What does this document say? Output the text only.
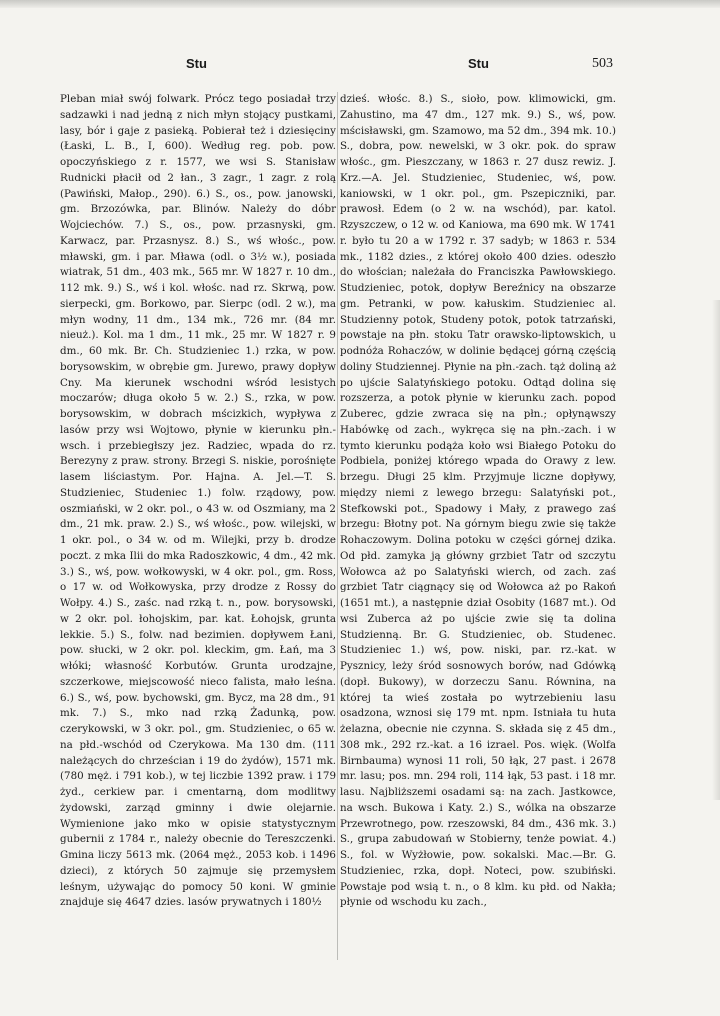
Stu	Stu	503

Pleban miał swój folwark. Prócz tego posiadał trzy sadzawki i nad jedną z nich młyn stojący pustkami, lasy, bór i gaje z pasieką. Pobierał też i dziesięciny (Łaski, L. B., I, 600). Według reg. pob. pow. opoczyńskiego z r. 1577, we wsi S. Stanisław Rudnicki płacił od 2 łan., 3 zagr., 1 zagr. z rolą (Pawiński, Małop., 290). 6.) S., os., pow. janowski, gm. Brzozówka, par. Blinów. Należy do dóbr Wojciechów. 7.) S., os., pow. przasnyski, gm. Karwacz, par. Przasnysz. 8.) S., wś włośc., pow. mławski, gm. i par. Mława (odl. o 3½ w.), posiada wiatrak, 51 dm., 403 mk., 565 mr. W 1827 r. 10 dm., 112 mk. 9.) S., wś i kol. włośc. nad rz. Skrwą, pow. sierpecki, gm. Borkowo, par. Sierpc (odl. 2 w.), ma młyn wodny, 11 dm., 134 mk., 726 mr. (84 mr. nieuż.). Kol. ma 1 dm., 11 mk., 25 mr. W 1827 r. 9 dm., 60 mk. Br. Ch. Studzieniec 1.) rzka, w pow. borysowskim, w obrębie gm. Jurewo, prawy dopływ Cny. Ma kierunek wschodni wśród lesistych moczarów; długa około 5 w. 2.) S., rzka, w pow. borysowskim, w dobrach mścizkich, wypływa z lasów przy wsi Wojtowo, płynie w kierunku płn.-wsch. i przebiegłszy jez. Radziec, wpada do rz. Berezyny z praw. strony. Brzegi S. niskie, porośnięte lasem liściastym. Por. Hajna. A. Jel.—T. S. Studzieniec, Studeniec 1.) folw. rządowy, pow. oszmiański, w 2 okr. pol., o 43 w. od Oszmiany, ma 2 dm., 21 mk. praw. 2.) S., wś włośc., pow. wilejski, w 1 okr. pol., o 34 w. od m. Wilejki, przy b. drodze poczt. z mka Ilii do mka Radoszkowic, 4 dm., 42 mk. 3.) S., wś, pow. wołkowyski, w 4 okr. pol., gm. Ross, o 17 w. od Wołkowyska, przy drodze z Rossy do Wołpy. 4.) S., zaśc. nad rzką t. n., pow. borysowski, w 2 okr. pol. łohojskim, par. kat. Łohojsk, grunta lekkie. 5.) S., folw. nad bezimien. dopływem Łani, pow. słucki, w 2 okr. pol. kleckim, gm. Łań, ma 3 włóki; własność Korbutów. Grunta urodzajne, szczerkowe, miejscowość nieco falista, mało leśna. 6.) S., wś, pow. bychowski, gm. Bycz, ma 28 dm., 91 mk. 7.) S., mko nad rzką Żadunką, pow. czerykowski, w 3 okr. pol., gm. Studzieniec, o 65 w. na płd.-wschód od Czerykowa. Ma 130 dm. (111 należących do chrześcian i 19 do żydów), 1571 mk. (780 męż. i 791 kob.), w tej liczbie 1392 praw. i 179 żyd., cerkiew par. i cmentarną, dom modlitwy żydowski, zarząd gminny i dwie olejarnie. Wymienione jako mko w opisie statystycznym gubernii z 1784 r., należy obecnie do Tereszczenki. Gmina liczy 5613 mk. (2064 męż., 2053 kob. i 1496 dzieci), z których 50 zajmuje się przemysłem leśnym, używając do pomocy 50 koni. W gminie znajduje się 4647 dzies. lasów prywatnych i 180½

dzieś. włośc. 8.) S., sioło, pow. klimowicki, gm. Zahustino, ma 47 dm., 127 mk. 9.) S., wś, pow. mścisławski, gm. Szamowo, ma 52 dm., 394 mk. 10.) S., dobra, pow. newelski, w 3 okr. pok. do spraw włośc., gm. Pieszczany, w 1863 r. 27 dusz rewiz. J. Krz.—A. Jel. Studzieniec, Studeniec, wś, pow. kaniowski, w 1 okr. pol., gm. Pszepiczniki, par. prawosł. Edem (o 2 w. na wschód), par. katol. Rzyszczew, o 12 w. od Kaniowa, ma 690 mk. W 1741 r. było tu 20 a w 1792 r. 37 sadyb; w 1863 r. 534 mk., 1182 dzies., z której około 400 dzies. odeszło do włościan; należała do Franciszka Pawłowskiego. Studzieniec, potok, dopływ Bereźnicy na obszarze gm. Petranki, w pow. kałuskim. Studzieniec al. Studzienny potok, Studeny potok, potok tatrzański, powstaje na płn. stoku Tatr orawsko-liptowskich, u podnóża Rohaczów, w dolinie będącej górną częścią doliny Studziennej. Płynie na płn.-zach. tąż doliną aż po ujście Salatyńskiego potoku. Odtąd dolina się rozszerza, a potok płynie w kierunku zach. popod Zuberec, gdzie zwraca się na płn.; opłynąwszy Habówkę od zach., wykręca się na płn.-zach. i w tymto kierunku podąża koło wsi Białego Potoku do Podbiela, poniżej którego wpada do Orawy z lew. brzegu. Długi 25 klm. Przyjmuje liczne dopływy, między niemi z lewego brzegu: Salatyński pot., Stefkowski pot., Spadowy i Mały, z prawego zaś brzegu: Błotny pot. Na górnym biegu zwie się także Rohaczowym. Dolina potoku w części górnej dzika. Od płd. zamyka ją główny grzbiet Tatr od szczytu Wołowca aż po Salatyński wierch, od zach. zaś grzbiet Tatr ciągnący się od Wołowca aż po Rakoń (1651 mt.), a następnie dział Osobity (1687 mt.). Od wsi Zuberca aż po ujście zwie się ta dolina Studzienną. Br. G. Studzieniec, ob. Studenec. Studzieniec 1.) wś, pow. niski, par. rz.-kat. w Pysznicy, leży śród sosnowych borów, nad Gdówką (dopł. Bukowy), w dorzeczu Sanu. Równina, na której ta wieś została po wytrzebieniu lasu osadzona, wznosi się 179 mt. npm. Istniała tu huta żelazna, obecnie nie czynna. S. składa się z 45 dm., 308 mk., 292 rz.-kat. a 16 izrael. Pos. więk. (Wolfa Birnbauma) wynosi 11 roli, 50 łąk, 27 past. i 2678 mr. lasu; pos. mn. 294 roli, 114 łąk, 53 past. i 18 mr. lasu. Najbliższemi osadami są: na zach. Jastkowce, na wsch. Bukowa i Katy. 2.) S., wólka na obszarze Przewrotnego, pow. rzeszowski, 84 dm., 436 mk. 3.) S., grupa zabudowań w Stobierny, tenże powiat. 4.) S., fol. w Wyżłowie, pow. sokalski. Mac.—Br. G. Studzieniec, rzka, dopł. Noteci, pow. szubiński. Powstaje pod wsią t. n., o 8 klm. ku płd. od Nakła; płynie od wschodu ku zach.,
